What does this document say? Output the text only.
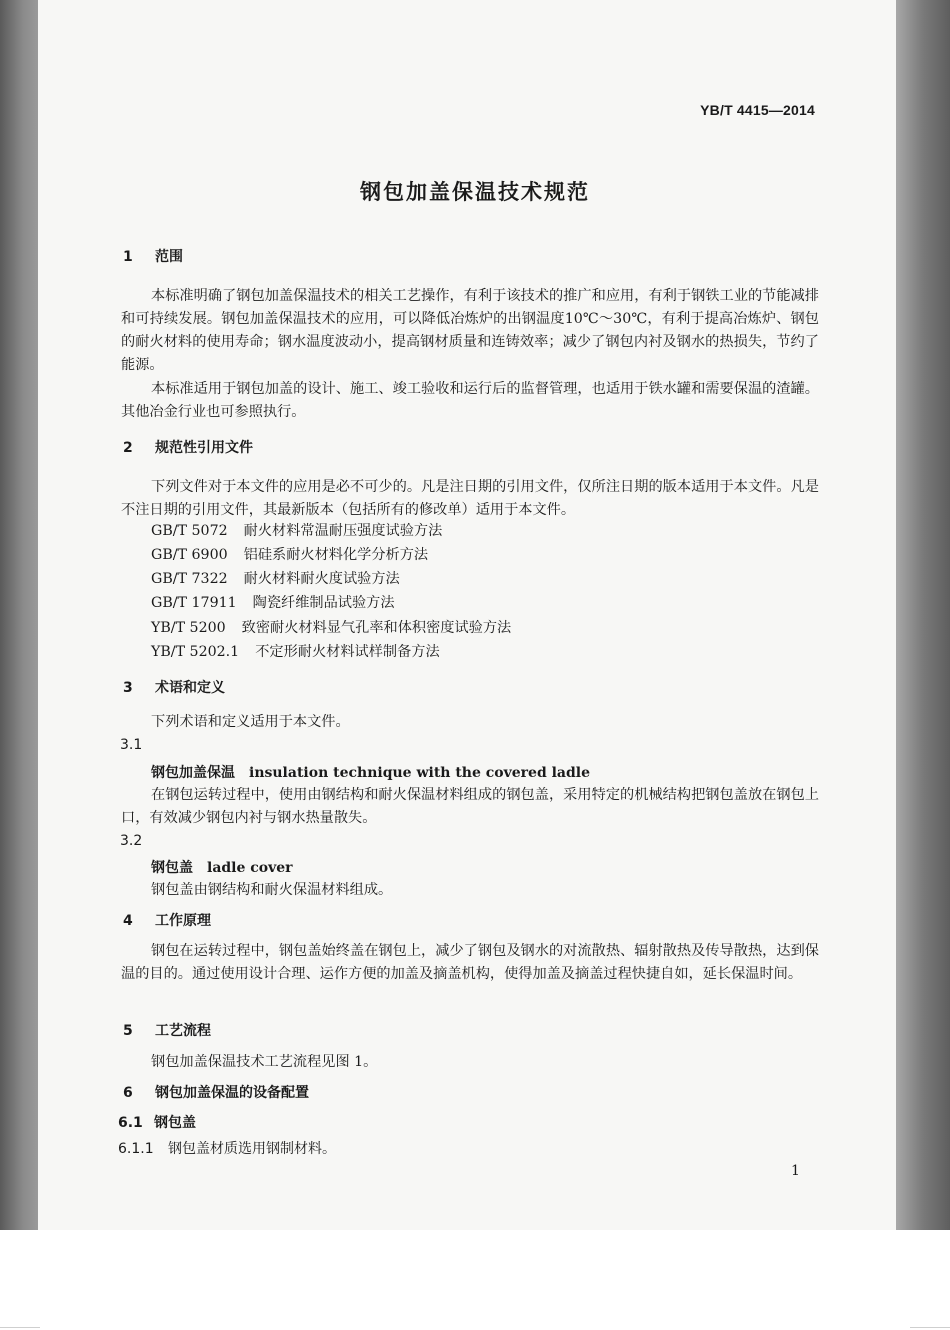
YB/T 4415—2014
钢包加盖保温技术规范
1 范围
本标准明确了钢包加盖保温技术的相关工艺操作，有利于该技术的推广和应用，有利于钢铁工业的节能减排和可持续发展。钢包加盖保温技术的应用，可以降低冶炼炉的出钢温度10℃～30℃，有利于提高冶炼炉、钢包的耐火材料的使用寿命；钢水温度波动小，提高钢材质量和连铸效率；减少了钢包内衬及钢水的热损失，节约了能源。
本标准适用于钢包加盖的设计、施工、竣工验收和运行后的监督管理，也适用于铁水罐和需要保温的渣罐。其他冶金行业也可参照执行。
2 规范性引用文件
下列文件对于本文件的应用是必不可少的。凡是注日期的引用文件，仅所注日期的版本适用于本文件。凡是不注日期的引用文件，其最新版本（包括所有的修改单）适用于本文件。
GB/T 5072 耐火材料常温耐压强度试验方法
GB/T 6900 铝硅系耐火材料化学分析方法
GB/T 7322 耐火材料耐火度试验方法
GB/T 17911 陶瓷纤维制品试验方法
YB/T 5200 致密耐火材料显气孔率和体积密度试验方法
YB/T 5202.1 不定形耐火材料试样制备方法
3 术语和定义
下列术语和定义适用于本文件。
3.1
钢包加盖保温 insulation technique with the covered ladle
在钢包运转过程中，使用由钢结构和耐火保温材料组成的钢包盖，采用特定的机械结构把钢包盖放在钢包上口，有效减少钢包内衬与钢水热量散失。
3.2
钢包盖 ladle cover
钢包盖由钢结构和耐火保温材料组成。
4 工作原理
钢包在运转过程中，钢包盖始终盖在钢包上，减少了钢包及钢水的对流散热、辐射散热及传导散热，达到保温的目的。通过使用设计合理、运作方便的加盖及摘盖机构，使得加盖及摘盖过程快捷自如，延长保温时间。
5 工艺流程
钢包加盖保温技术工艺流程见图 1。
6 钢包加盖保温的设备配置
6.1 钢包盖
6.1.1 钢包盖材质选用钢制材料。
1
